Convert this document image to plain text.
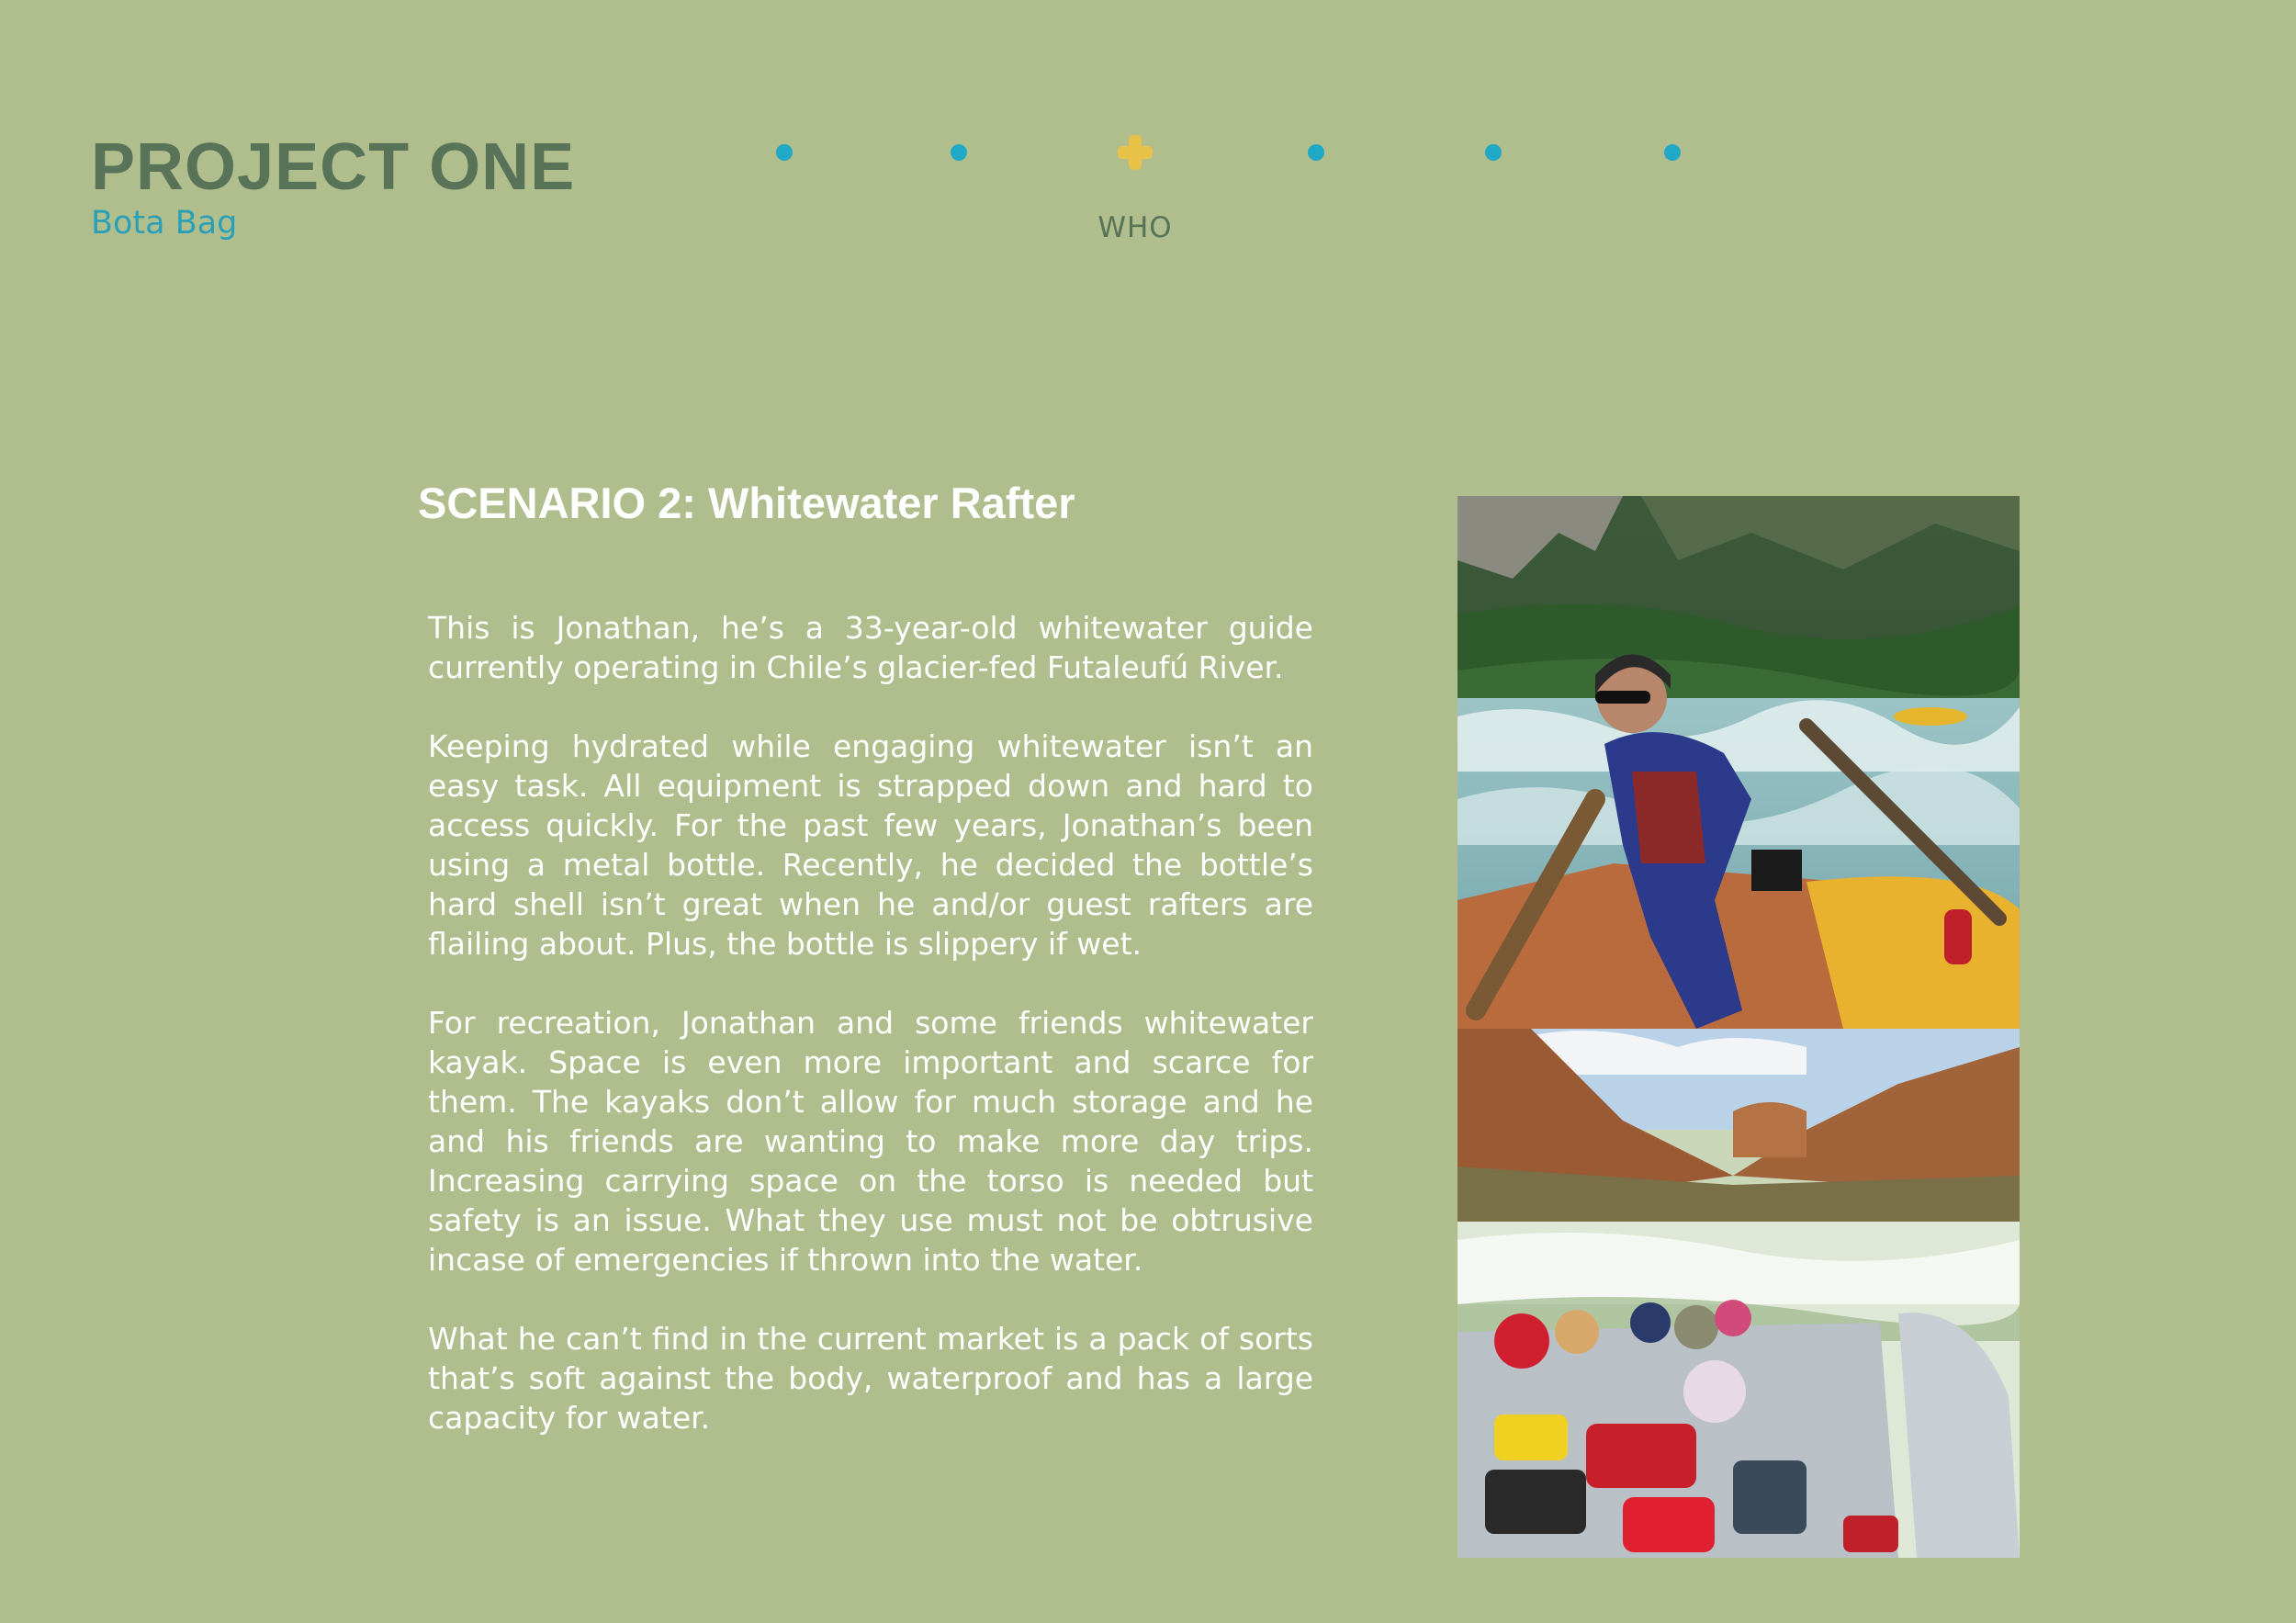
PROJECT ONE
Bota Bag	WHO
SCENARIO 2: Whitewater Rafter

This is Jonathan, he’s a 33-year-old whitewater guide currently operating in Chile’s glacier-fed Futaleufú River.

Keeping hydrated while engaging whitewater isn’t an easy task. All equipment is strapped down and hard to access quickly. For the past few years, Jonathan’s been using a metal bottle. Recently, he decided the bottle’s hard shell isn’t great when he and/or guest rafters are flailing about. Plus, the bottle is slippery if wet.

For recreation, Jonathan and some friends whitewater kayak. Space is even more important and scarce for them. The kayaks don’t allow for much storage and he and his friends are wanting to make more day trips. Increasing carrying space on the torso is needed but safety is an issue. What they use must not be obtrusive incase of emergencies if thrown into the water.

What he can’t find in the current market is a pack of sorts that’s soft against the body, waterproof and has a large capacity for water.
